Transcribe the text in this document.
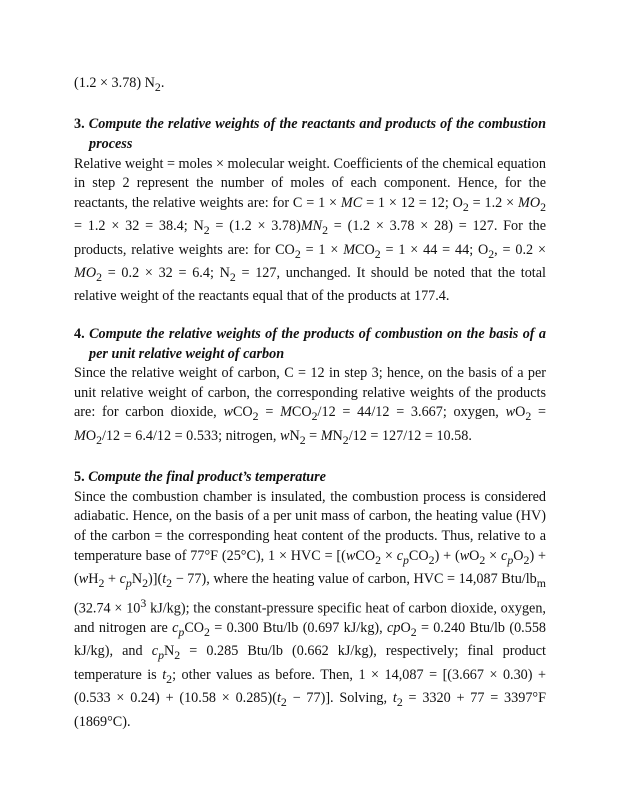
(1.2 × 3.78) $N_2$.

3. Compute the relative weights of the reactants and products of the combustion process

Relative weight = moles × molecular weight. Coefficients of the chemical equation in step 2 represent the number of moles of each component. Hence, for the reactants, the relative weights are: for C = 1 × MC = 1 × 12 = 12; $O_2 = 1.2 \times MO_2 = 1.2 \times 32 = 38.4$; $N_2 = (1.2 \times 3.78)MN_2 = (1.2 \times 3.78 \times 28) = 127$. For the products, relative weights are: for $CO_2 = 1 \times MCO_2 = 1 \times 44 = 44$; $O_2$, = $0.2 \times MO_2 = 0.2 \times 32 = 6.4$; $N_2 = 127$, unchanged. It should be noted that the total relative weight of the reactants equal that of the products at 177.4.

4. Compute the relative weights of the products of combustion on the basis of a per unit relative weight of carbon

Since the relative weight of carbon, C = 12 in step 3; hence, on the basis of a per unit relative weight of carbon, the corresponding relative weights of the products are: for carbon dioxide, $wCO_2 = MCO_2/12 = 44/12 = 3.667$; oxygen, $wO_2 = MO_2/12 = 6.4/12 = 0.533$; nitrogen, $wN_2 = MN_2/12 = 127/12 = 10.58$.

5. Compute the final product’s temperature

Since the combustion chamber is insulated, the combustion process is considered adiabatic. Hence, on the basis of a per unit mass of carbon, the heating value (HV) of the carbon = the corresponding heat content of the products. Thus, relative to a temperature base of 77°F (25°C), 1 × HVC = $[(wCO_2 \times c_pCO_2) + (wO_2 \times c_pO_2) + (wH_2 + c_pN_2)](t_2 - 77)$, where the heating value of carbon, HVC = 14,087 Btu/$lb_m$ ($32.74 \times 10^3$ kJ/kg); the constant-pressure specific heat of carbon dioxide, oxygen, and nitrogen are $c_pCO_2 = 0.300$ Btu/lb (0.697 kJ/kg), cpO$_2$ = 0.240 Btu/lb (0.558 kJ/kg), and $c_pN_2 = 0.285$ Btu/lb (0.662 kJ/kg), respectively; final product temperature is $t_2$; other values as before. Then, $1 \times 14,087 = [(3.667 \times 0.30) + (0.533 \times 0.24) + (10.58 \times 0.285)(t_2 - 77)]$. Solving, $t_2 = 3320 + 77 = 3397^\circ F$ (1869°C).
